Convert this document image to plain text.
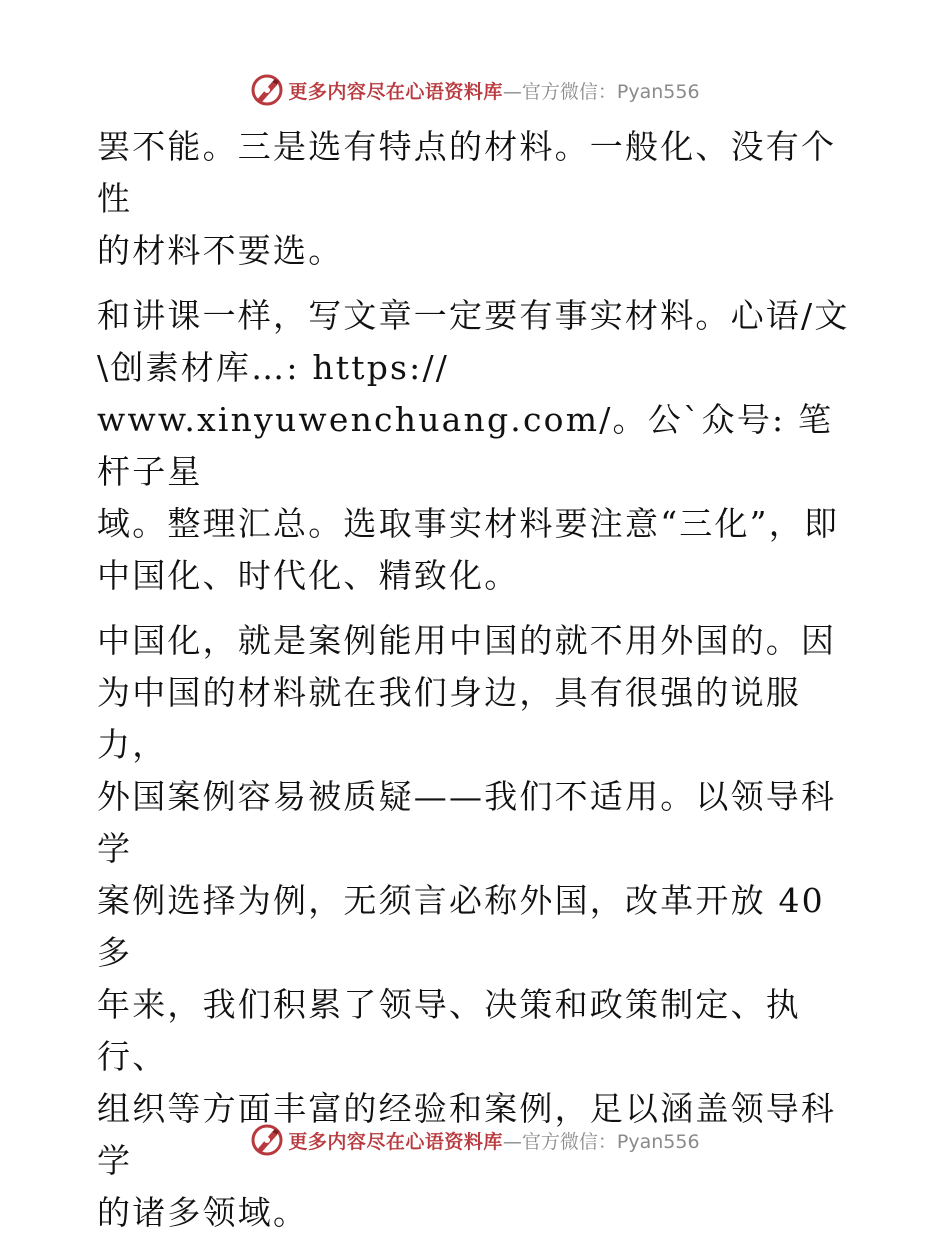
更多内容尽在心语资料库 —官方微信：Pyan556

罢不能。三是选有特点的材料。一般化、没有个性
的材料不要选。

和讲课一样，写文章一定要有事实材料。心语/文
\创素材库…: https://
www.xinyuwenchuang.com/。公`众号: 笔杆子星
域。整理汇总。选取事实材料要注意“三化”，即
中国化、时代化、精致化。

中国化，就是案例能用中国的就不用外国的。因
为中国的材料就在我们身边，具有很强的说服力，
外国案例容易被质疑——我们不适用。以领导科学
案例选择为例，无须言必称外国，改革开放 40 多
年来，我们积累了领导、决策和政策制定、执行、
组织等方面丰富的经验和案例，足以涵盖领导科学
的诸多领域。

更多内容尽在心语资料库 —官方微信：Pyan556
